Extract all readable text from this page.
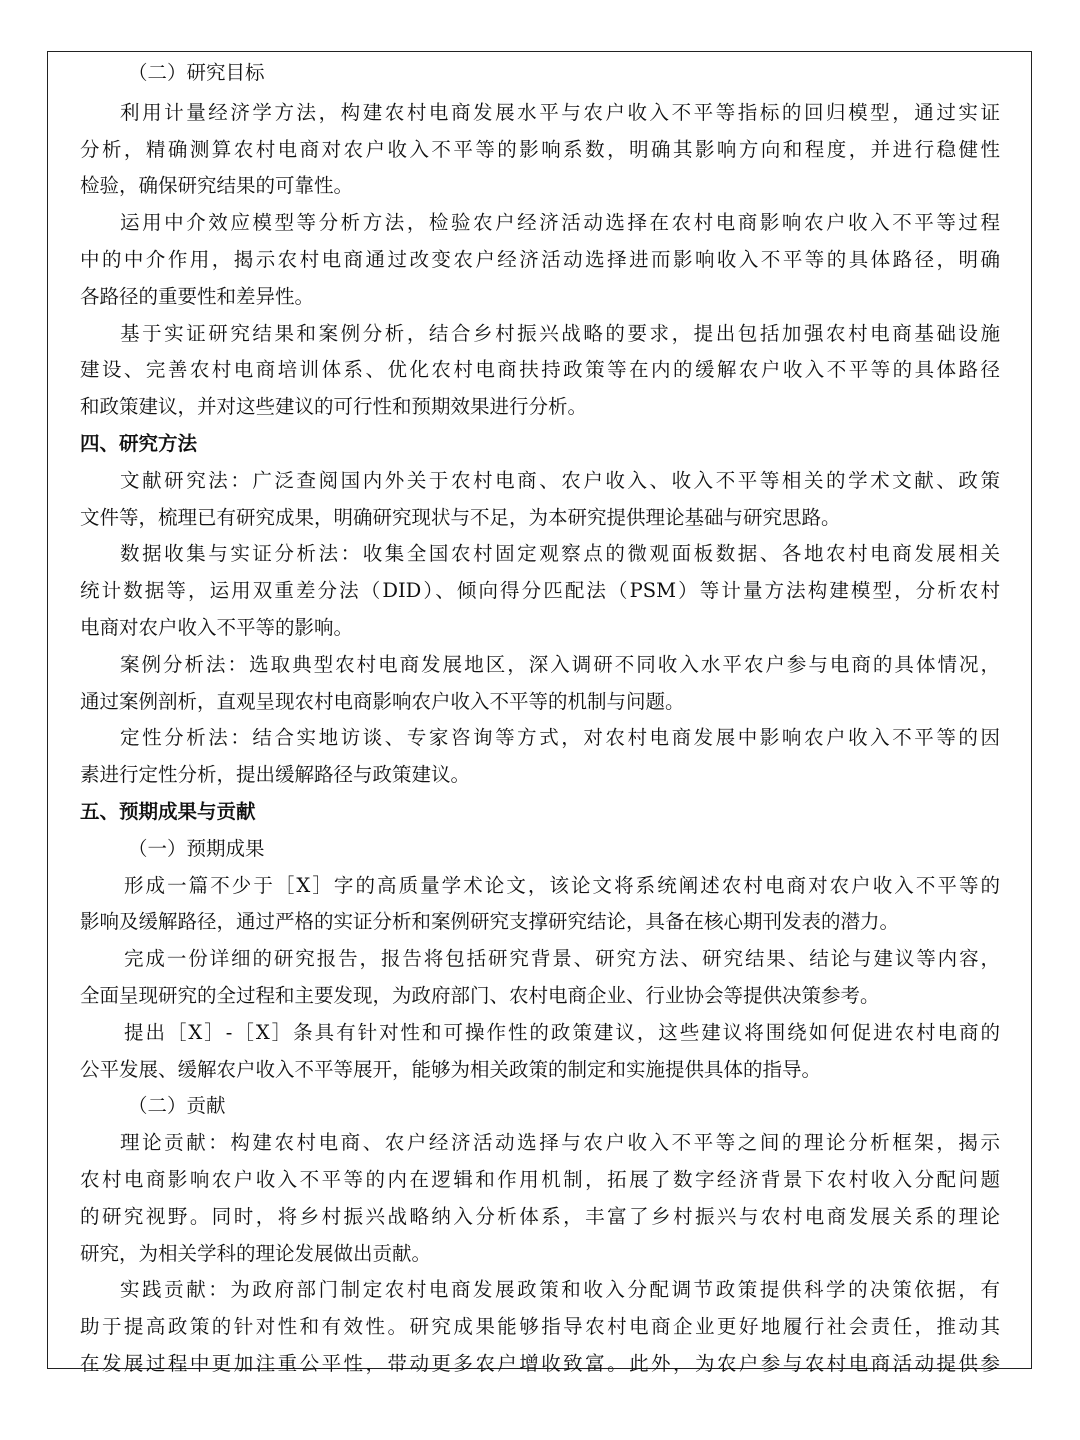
（二）研究目标
利用计量经济学方法，构建农村电商发展水平与农户收入不平等指标的回归模型，通过实证
分析，精确测算农村电商对农户收入不平等的影响系数，明确其影响方向和程度，并进行稳健性
检验，确保研究结果的可靠性。
运用中介效应模型等分析方法，检验农户经济活动选择在农村电商影响农户收入不平等过程
中的中介作用，揭示农村电商通过改变农户经济活动选择进而影响收入不平等的具体路径，明确
各路径的重要性和差异性。
基于实证研究结果和案例分析，结合乡村振兴战略的要求，提出包括加强农村电商基础设施
建设、完善农村电商培训体系、优化农村电商扶持政策等在内的缓解农户收入不平等的具体路径
和政策建议，并对这些建议的可行性和预期效果进行分析。
四、研究方法
文献研究法：广泛查阅国内外关于农村电商、农户收入、收入不平等相关的学术文献、政策
文件等，梳理已有研究成果，明确研究现状与不足，为本研究提供理论基础与研究思路。
数据收集与实证分析法：收集全国农村固定观察点的微观面板数据、各地农村电商发展相关
统计数据等，运用双重差分法（DID）、倾向得分匹配法（PSM）等计量方法构建模型，分析农村
电商对农户收入不平等的影响。
案例分析法：选取典型农村电商发展地区，深入调研不同收入水平农户参与电商的具体情况，
通过案例剖析，直观呈现农村电商影响农户收入不平等的机制与问题。
定性分析法：结合实地访谈、专家咨询等方式，对农村电商发展中影响农户收入不平等的因
素进行定性分析，提出缓解路径与政策建议。
五、预期成果与贡献
（一）预期成果
形成一篇不少于［X］字的高质量学术论文，该论文将系统阐述农村电商对农户收入不平等的
影响及缓解路径，通过严格的实证分析和案例研究支撑研究结论，具备在核心期刊发表的潜力。
完成一份详细的研究报告，报告将包括研究背景、研究方法、研究结果、结论与建议等内容，
全面呈现研究的全过程和主要发现，为政府部门、农村电商企业、行业协会等提供决策参考。
提出［X］-［X］条具有针对性和可操作性的政策建议，这些建议将围绕如何促进农村电商的
公平发展、缓解农户收入不平等展开，能够为相关政策的制定和实施提供具体的指导。
（二）贡献
理论贡献：构建农村电商、农户经济活动选择与农户收入不平等之间的理论分析框架，揭示
农村电商影响农户收入不平等的内在逻辑和作用机制，拓展了数字经济背景下农村收入分配问题
的研究视野。同时，将乡村振兴战略纳入分析体系，丰富了乡村振兴与农村电商发展关系的理论
研究，为相关学科的理论发展做出贡献。
实践贡献：为政府部门制定农村电商发展政策和收入分配调节政策提供科学的决策依据，有
助于提高政策的针对性和有效性。研究成果能够指导农村电商企业更好地履行社会责任，推动其
在发展过程中更加注重公平性，带动更多农户增收致富。此外，为农户参与农村电商活动提供参
